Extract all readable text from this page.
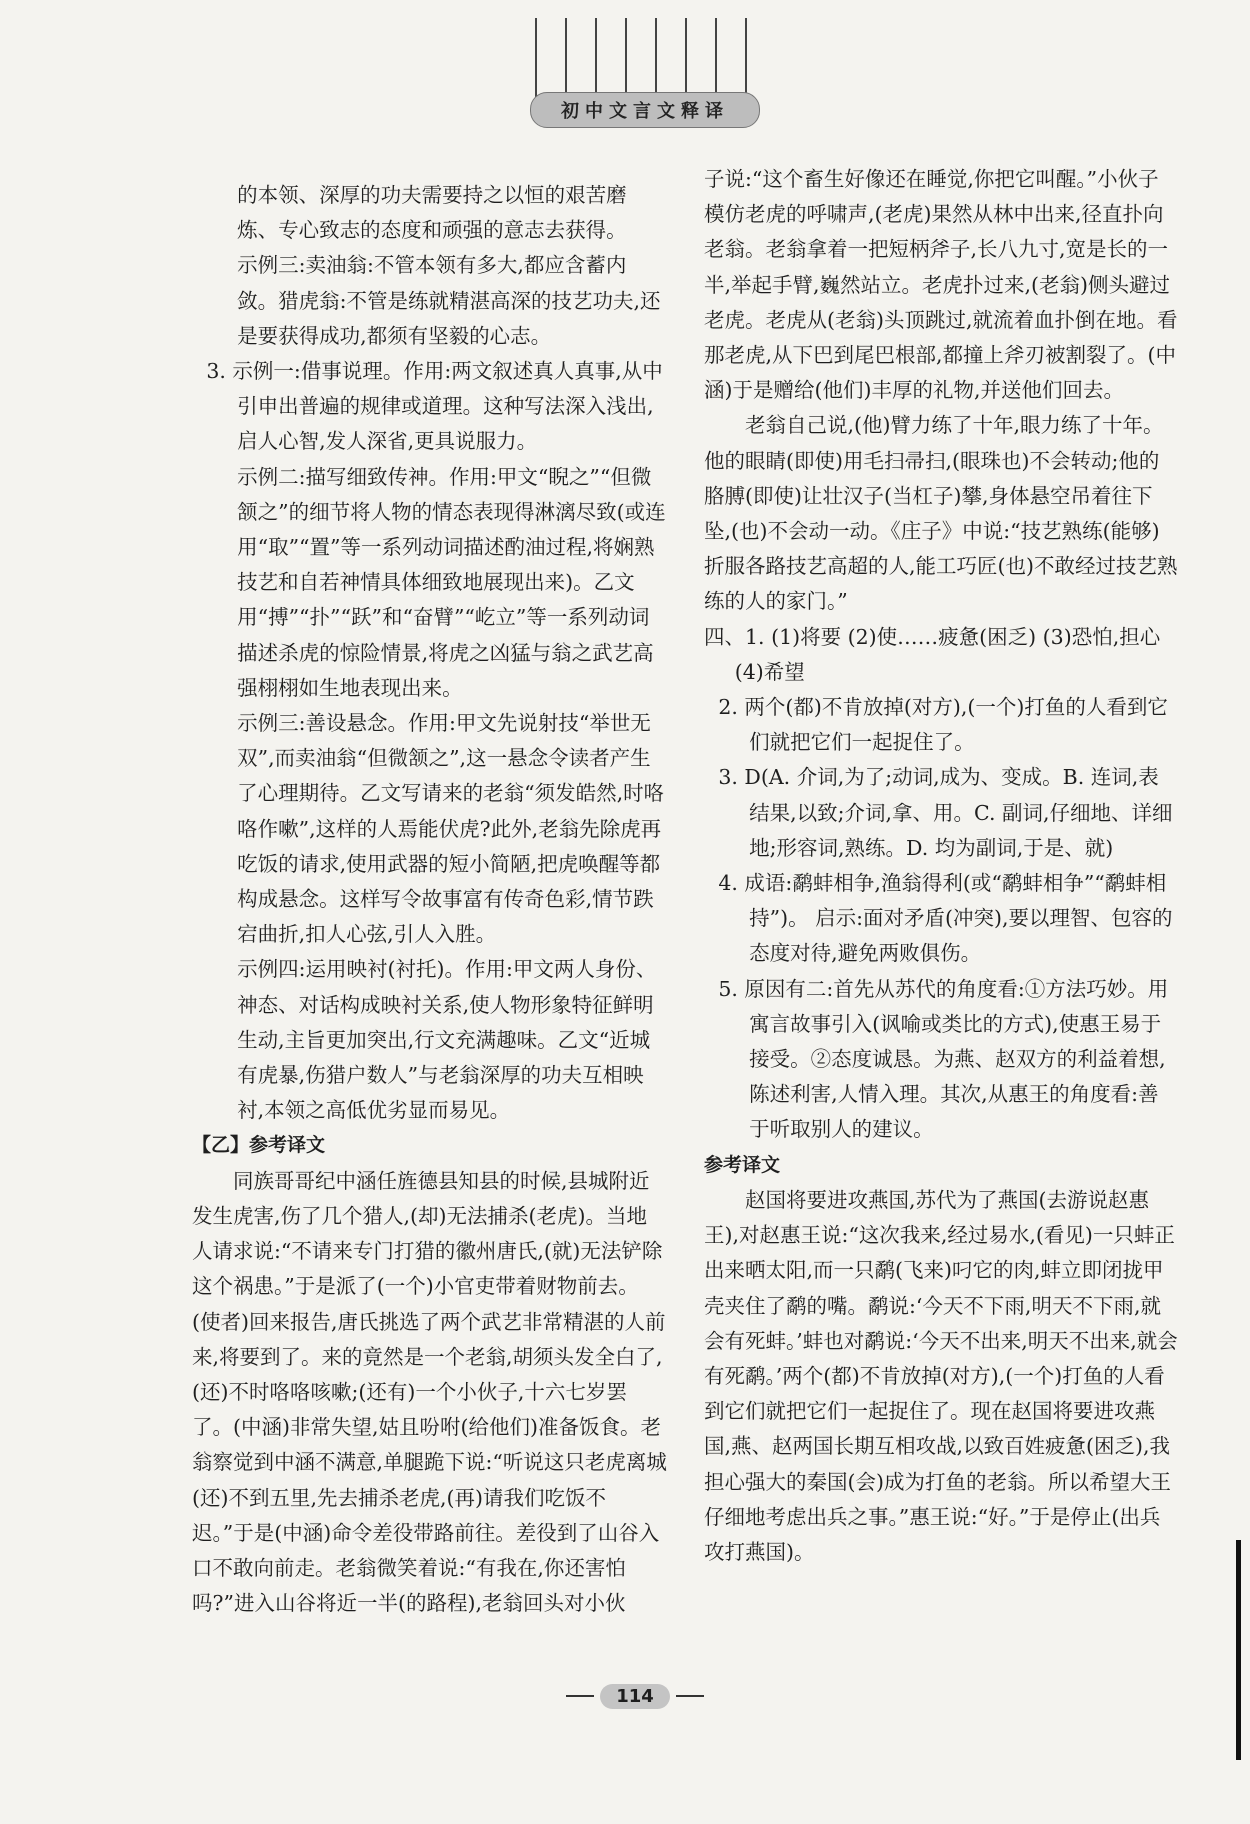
初中文言文释译

的本领、深厚的功夫需要持之以恒的艰苦磨炼、专心致志的态度和顽强的意志去获得。

示例三:卖油翁:不管本领有多大,都应含蓄内敛。猎虎翁:不管是练就精湛高深的技艺功夫,还是要获得成功,都须有坚毅的心志。

3. 示例一:借事说理。作用:两文叙述真人真事,从中引申出普遍的规律或道理。这种写法深入浅出,启人心智,发人深省,更具说服力。

示例二:描写细致传神。作用:甲文“睨之”“但微颔之”的细节将人物的情态表现得淋漓尽致(或连用“取”“置”等一系列动词描述酌油过程,将娴熟技艺和自若神情具体细致地展现出来)。乙文用“搏”“扑”“跃”和“奋臂”“屹立”等一系列动词描述杀虎的惊险情景,将虎之凶猛与翁之武艺高强栩栩如生地表现出来。

示例三:善设悬念。作用:甲文先说射技“举世无双”,而卖油翁“但微颔之”,这一悬念令读者产生了心理期待。乙文写请来的老翁“须发皓然,时咯咯作嗽”,这样的人焉能伏虎?此外,老翁先除虎再吃饭的请求,使用武器的短小简陋,把虎唤醒等都构成悬念。这样写令故事富有传奇色彩,情节跌宕曲折,扣人心弦,引人入胜。

示例四:运用映衬(衬托)。作用:甲文两人身份、神态、对话构成映衬关系,使人物形象特征鲜明生动,主旨更加突出,行文充满趣味。乙文“近城有虎暴,伤猎户数人”与老翁深厚的功夫互相映衬,本领之高低优劣显而易见。

【乙】参考译文

同族哥哥纪中涵任旌德县知县的时候,县城附近发生虎害,伤了几个猎人,(却)无法捕杀(老虎)。当地人请求说:“不请来专门打猎的徽州唐氏,(就)无法铲除这个祸患。”于是派了(一个)小官吏带着财物前去。(使者)回来报告,唐氏挑选了两个武艺非常精湛的人前来,将要到了。来的竟然是一个老翁,胡须头发全白了,(还)不时咯咯咳嗽;(还有)一个小伙子,十六七岁罢了。(中涵)非常失望,姑且吩咐(给他们)准备饭食。老翁察觉到中涵不满意,单腿跪下说:“听说这只老虎离城(还)不到五里,先去捕杀老虎,(再)请我们吃饭不迟。”于是(中涵)命令差役带路前往。差役到了山谷入口不敢向前走。老翁微笑着说:“有我在,你还害怕吗?”进入山谷将近一半(的路程),老翁回头对小伙

子说:“这个畜生好像还在睡觉,你把它叫醒。”小伙子模仿老虎的呼啸声,(老虎)果然从林中出来,径直扑向老翁。老翁拿着一把短柄斧子,长八九寸,宽是长的一半,举起手臂,巍然站立。老虎扑过来,(老翁)侧头避过老虎。老虎从(老翁)头顶跳过,就流着血扑倒在地。看那老虎,从下巴到尾巴根部,都撞上斧刃被割裂了。(中涵)于是赠给(他们)丰厚的礼物,并送他们回去。

老翁自己说,(他)臂力练了十年,眼力练了十年。他的眼睛(即使)用毛扫帚扫,(眼珠也)不会转动;他的胳膊(即使)让壮汉子(当杠子)攀,身体悬空吊着往下坠,(也)不会动一动。《庄子》中说:“技艺熟练(能够)折服各路技艺高超的人,能工巧匠(也)不敢经过技艺熟练的人的家门。”

四、1. (1)将要 (2)使……疲惫(困乏) (3)恐怕,担心 (4)希望

2. 两个(都)不肯放掉(对方),(一个)打鱼的人看到它们就把它们一起捉住了。

3. D(A. 介词,为了;动词,成为、变成。B. 连词,表结果,以致;介词,拿、用。C. 副词,仔细地、详细地;形容词,熟练。D. 均为副词,于是、就)

4. 成语:鹬蚌相争,渔翁得利(或“鹬蚌相争”“鹬蚌相持”)。 启示:面对矛盾(冲突),要以理智、包容的态度对待,避免两败俱伤。

5. 原因有二:首先从苏代的角度看:①方法巧妙。用寓言故事引入(讽喻或类比的方式),使惠王易于接受。②态度诚恳。为燕、赵双方的利益着想,陈述利害,人情入理。其次,从惠王的角度看:善于听取别人的建议。

参考译文

赵国将要进攻燕国,苏代为了燕国(去游说赵惠王),对赵惠王说:“这次我来,经过易水,(看见)一只蚌正出来晒太阳,而一只鹬(飞来)叼它的肉,蚌立即闭拢甲壳夹住了鹬的嘴。鹬说:‘今天不下雨,明天不下雨,就会有死蚌。’蚌也对鹬说:‘今天不出来,明天不出来,就会有死鹬。’两个(都)不肯放掉(对方),(一个)打鱼的人看到它们就把它们一起捉住了。现在赵国将要进攻燕国,燕、赵两国长期互相攻战,以致百姓疲惫(困乏),我担心强大的秦国(会)成为打鱼的老翁。所以希望大王仔细地考虑出兵之事。”惠王说:“好。”于是停止(出兵攻打燕国)。

114
